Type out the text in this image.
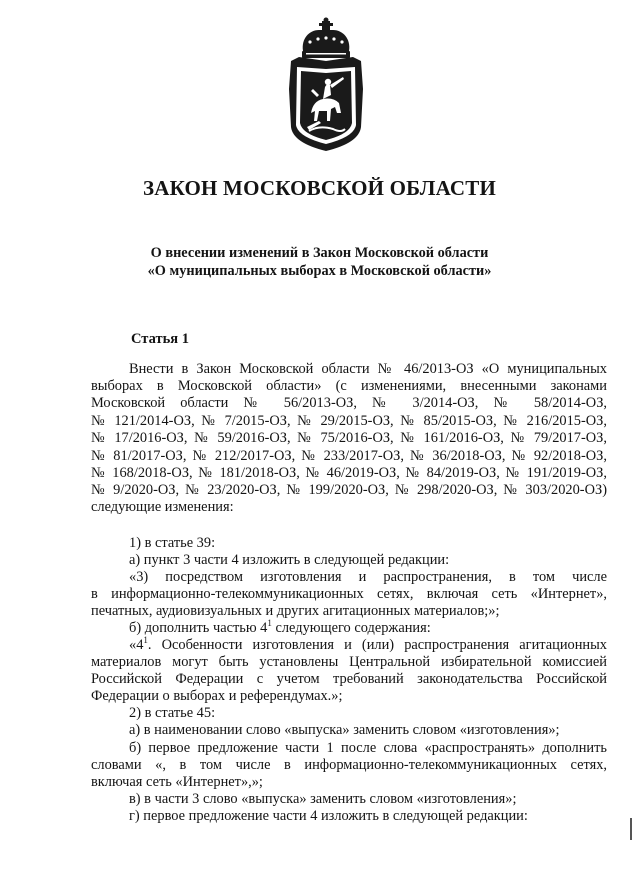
ЗАКОН МОСКОВСКОЙ ОБЛАСТИ
О внесении изменений в Закон Московской области
«О муниципальных выборах в Московской области»
Статья 1
Внести в Закон Московской области № 46/2013-ОЗ «О муниципальных
выборах в Московской области» (с изменениями, внесенными законами
Московской области № 56/2013-ОЗ, № 3/2014-ОЗ, № 58/2014-ОЗ,
№ 121/2014-ОЗ, № 7/2015-ОЗ, № 29/2015-ОЗ, № 85/2015-ОЗ, № 216/2015-ОЗ,
№ 17/2016-ОЗ, № 59/2016-ОЗ, № 75/2016-ОЗ, № 161/2016-ОЗ, № 79/2017-ОЗ,
№ 81/2017-ОЗ, № 212/2017-ОЗ, № 233/2017-ОЗ, № 36/2018-ОЗ, № 92/2018-ОЗ,
№ 168/2018-ОЗ, № 181/2018-ОЗ, № 46/2019-ОЗ, № 84/2019-ОЗ, № 191/2019-ОЗ,
№ 9/2020-ОЗ, № 23/2020-ОЗ, № 199/2020-ОЗ, № 298/2020-ОЗ, № 303/2020-ОЗ)
следующие изменения:
1) в статье 39:
а) пункт 3 части 4 изложить в следующей редакции:
«3) посредством изготовления и распространения, в том числе
в информационно-телекоммуникационных сетях, включая сеть «Интернет»,
печатных, аудиовизуальных и других агитационных материалов;»;
б) дополнить частью $4^1$ следующего содержания:
«$4^1$. Особенности изготовления и (или) распространения агитационных
материалов могут быть установлены Центральной избирательной комиссией
Российской Федерации с учетом требований законодательства Российской
Федерации о выборах и референдумах.»;
2) в статье 45:
а) в наименовании слово «выпуска» заменить словом «изготовления»;
б) первое предложение части 1 после слова «распространять» дополнить
словами «, в том числе в информационно-телекоммуникационных сетях,
включая сеть «Интернет»,»;
в) в части 3 слово «выпуска» заменить словом «изготовления»;
г) первое предложение части 4 изложить в следующей редакции:
